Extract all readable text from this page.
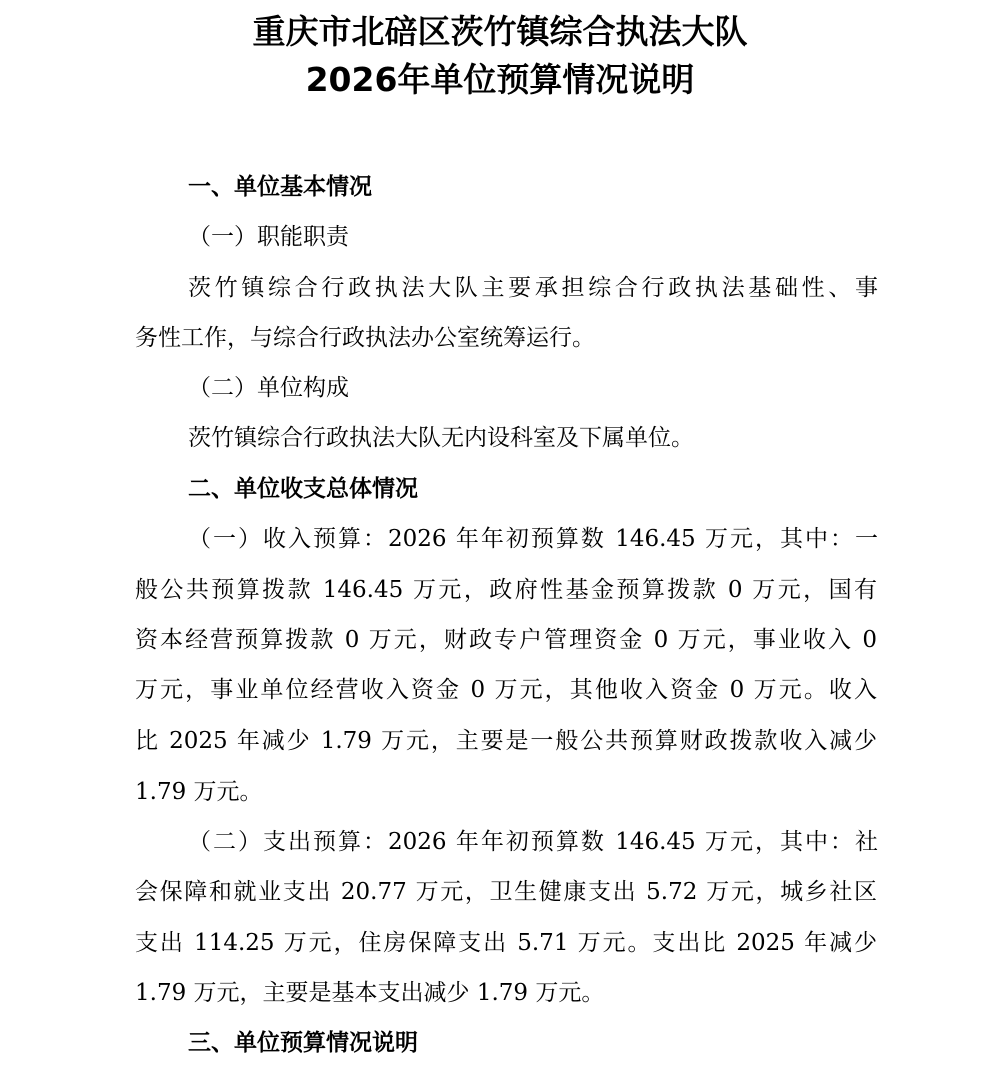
重庆市北碚区茨竹镇综合执法大队
2026年单位预算情况说明
一、单位基本情况
（一）职能职责
茨竹镇综合行政执法大队主要承担综合行政执法基础性、事
务性工作，与综合行政执法办公室统筹运行。
（二）单位构成
茨竹镇综合行政执法大队无内设科室及下属单位。
二、单位收支总体情况
（一）收入预算：2026 年年初预算数 146.45 万元，其中：一
般公共预算拨款 146.45 万元，政府性基金预算拨款 0 万元，国有
资本经营预算拨款 0 万元，财政专户管理资金 0 万元，事业收入 0
万元，事业单位经营收入资金 0 万元，其他收入资金 0 万元。收入
比 2025 年减少 1.79 万元，主要是一般公共预算财政拨款收入减少
1.79 万元。
（二）支出预算：2026 年年初预算数 146.45 万元，其中：社
会保障和就业支出 20.77 万元，卫生健康支出 5.72 万元，城乡社区
支出 114.25 万元，住房保障支出 5.71 万元。支出比 2025 年减少
1.79 万元，主要是基本支出减少 1.79 万元。
三、单位预算情况说明
